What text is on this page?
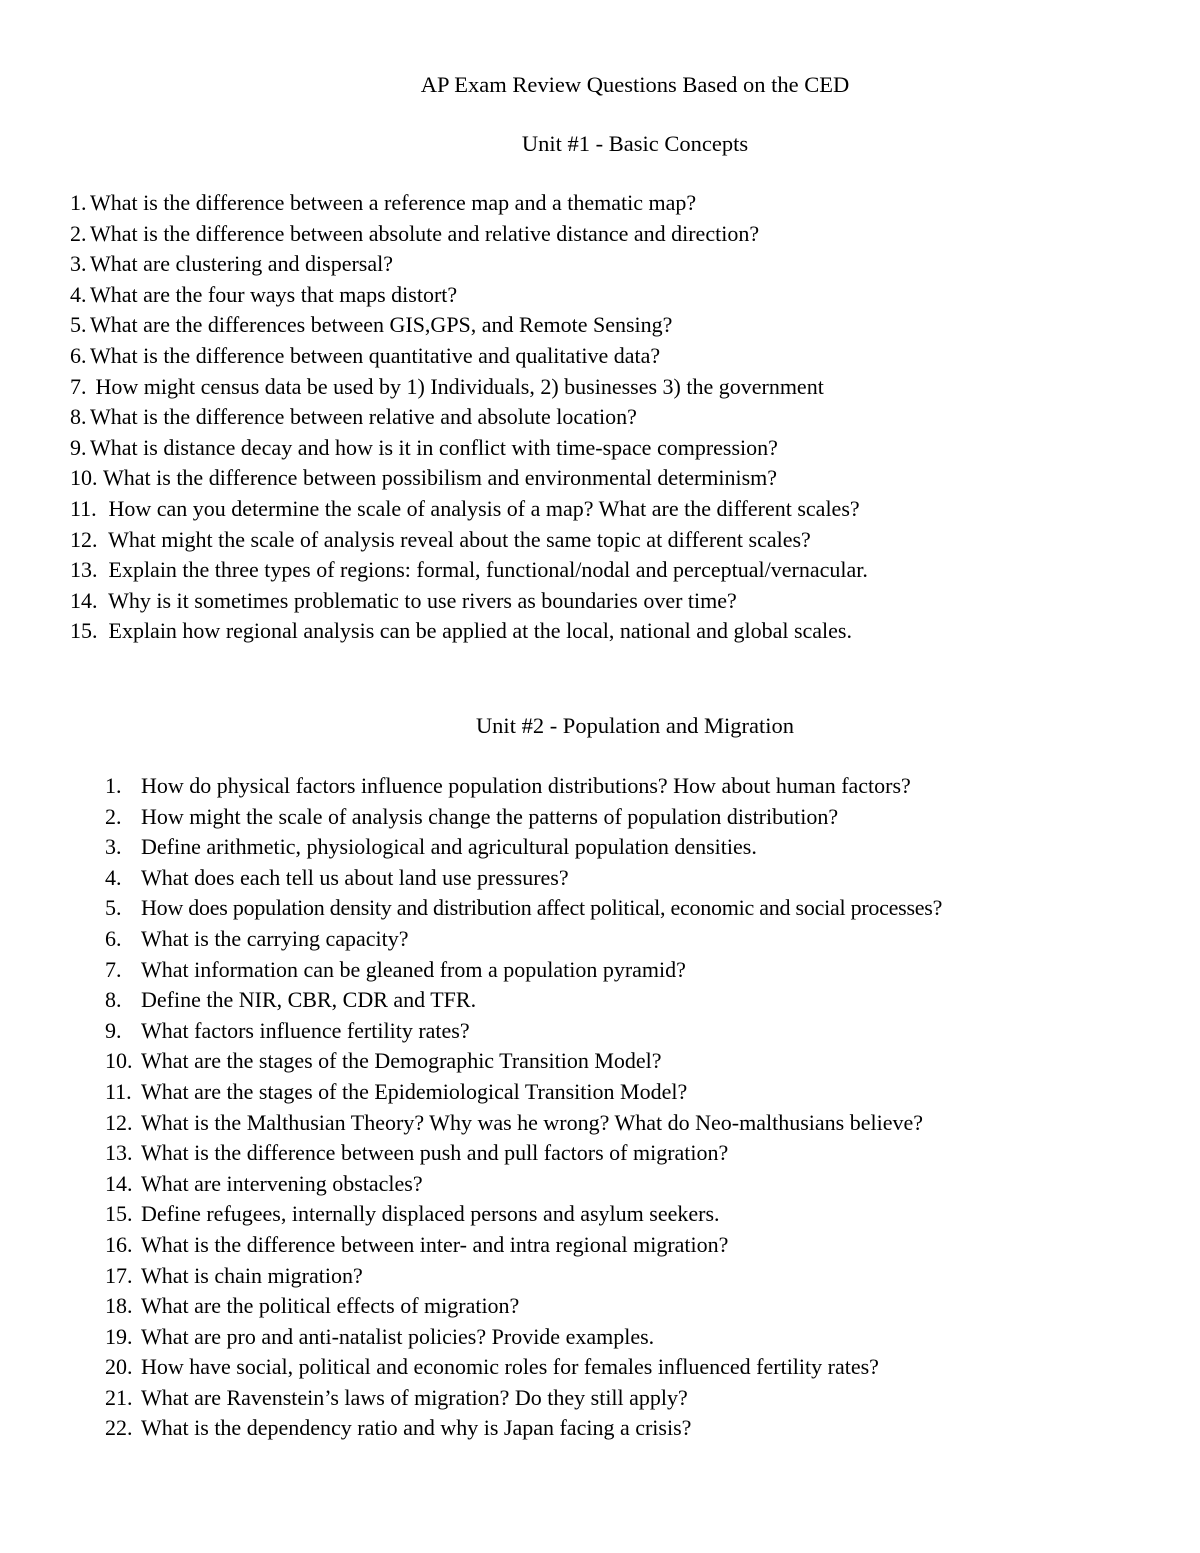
AP Exam Review Questions Based on the CED
Unit #1 - Basic Concepts
1. What is the difference between a reference map and a thematic map?
2. What is the difference between absolute and relative distance and direction?
3. What are clustering and dispersal?
4. What are the four ways that maps distort?
5. What are the differences between GIS,GPS, and Remote Sensing?
6. What is the difference between quantitative and qualitative data?
7. How might census data be used by 1) Individuals, 2) businesses 3) the government
8. What is the difference between relative and absolute location?
9. What is distance decay and how is it in conflict with time-space compression?
10. What is the difference between possibilism and environmental determinism?
11. How can you determine the scale of analysis of a map? What are the different scales?
12. What might the scale of analysis reveal about the same topic at different scales?
13. Explain the three types of regions: formal, functional/nodal and perceptual/vernacular.
14. Why is it sometimes problematic to use rivers as boundaries over time?
15. Explain how regional analysis can be applied at the local, national and global scales.
Unit #2 - Population and Migration
1. How do physical factors influence population distributions? How about human factors?
2. How might the scale of analysis change the patterns of population distribution?
3. Define arithmetic, physiological and agricultural population densities.
4. What does each tell us about land use pressures?
5. How does population density and distribution affect political, economic and social processes?
6. What is the carrying capacity?
7. What information can be gleaned from a population pyramid?
8. Define the NIR, CBR, CDR and TFR.
9. What factors influence fertility rates?
10. What are the stages of the Demographic Transition Model?
11. What are the stages of the Epidemiological Transition Model?
12. What is the Malthusian Theory? Why was he wrong? What do Neo-malthusians believe?
13. What is the difference between push and pull factors of migration?
14. What are intervening obstacles?
15. Define refugees, internally displaced persons and asylum seekers.
16. What is the difference between inter- and intra regional migration?
17. What is chain migration?
18. What are the political effects of migration?
19. What are pro and anti-natalist policies? Provide examples.
20. How have social, political and economic roles for females influenced fertility rates?
21. What are Ravenstein’s laws of migration? Do they still apply?
22. What is the dependency ratio and why is Japan facing a crisis?
